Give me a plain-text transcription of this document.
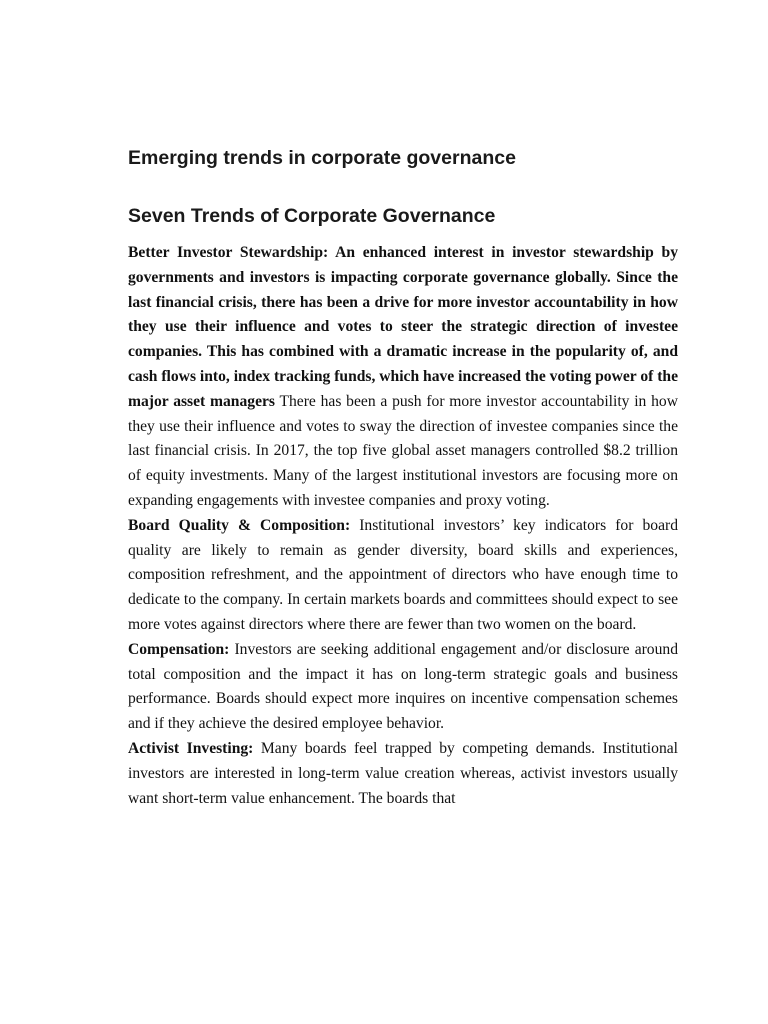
Emerging trends in corporate governance
Seven Trends of Corporate Governance

Better Investor Stewardship: An enhanced interest in investor stewardship by governments and investors is impacting corporate governance globally. Since the last financial crisis, there has been a drive for more investor accountability in how they use their influence and votes to steer the strategic direction of investee companies. This has combined with a dramatic increase in the popularity of, and cash flows into, index tracking funds, which have increased the voting power of the major asset managers There has been a push for more investor accountability in how they use their influence and votes to sway the direction of investee companies since the last financial crisis. In 2017, the top five global asset managers controlled $8.2 trillion of equity investments. Many of the largest institutional investors are focusing more on expanding engagements with investee companies and proxy voting.

Board Quality & Composition: Institutional investors’ key indicators for board quality are likely to remain as gender diversity, board skills and experiences, composition refreshment, and the appointment of directors who have enough time to dedicate to the company. In certain markets boards and committees should expect to see more votes against directors where there are fewer than two women on the board.

Compensation: Investors are seeking additional engagement and/or disclosure around total composition and the impact it has on long-term strategic goals and business performance. Boards should expect more inquires on incentive compensation schemes and if they achieve the desired employee behavior.

Activist Investing: Many boards feel trapped by competing demands. Institutional investors are interested in long-term value creation whereas, activist investors usually want short-term value enhancement. The boards that
